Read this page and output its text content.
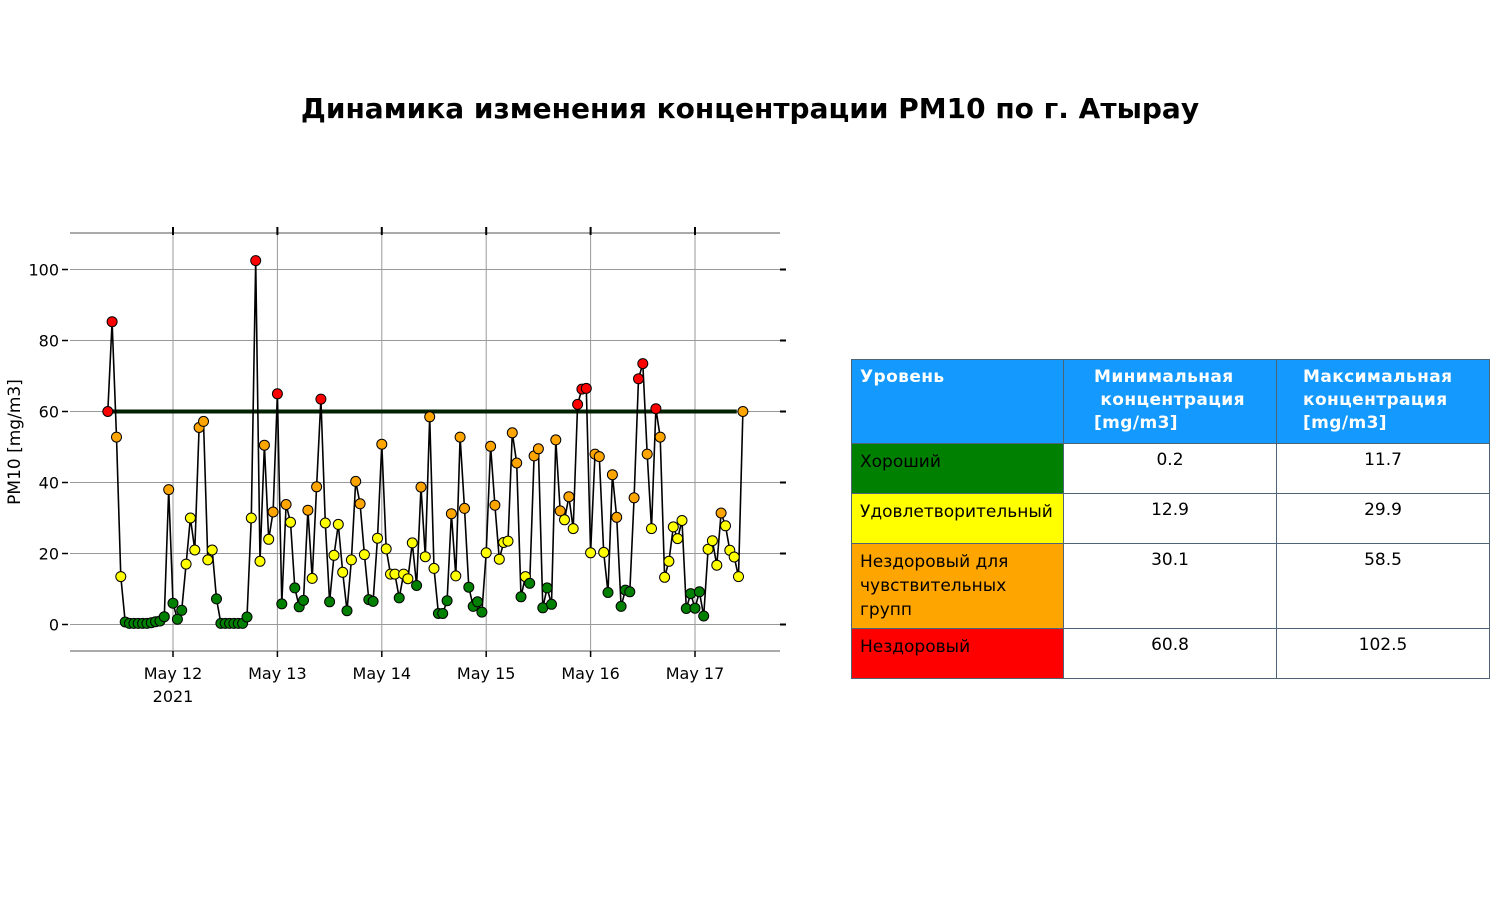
Динамика изменения концентрации PM10 по г. Атырау
0
20
40
60
80
100
May 12
2021
May 13	May 14	May 15	May 16	May 17
PM10 [mg/m3]
Уровень	Минимальная
концентрация
[mg/m3]	Максимальная
концентрация
[mg/m3]
Хороший	0.2	11.7
Удовлетворительный	12.9	29.9
Нездоровый для
чувствительных
групп	30.1	58.5
Нездоровый	60.8	102.5
